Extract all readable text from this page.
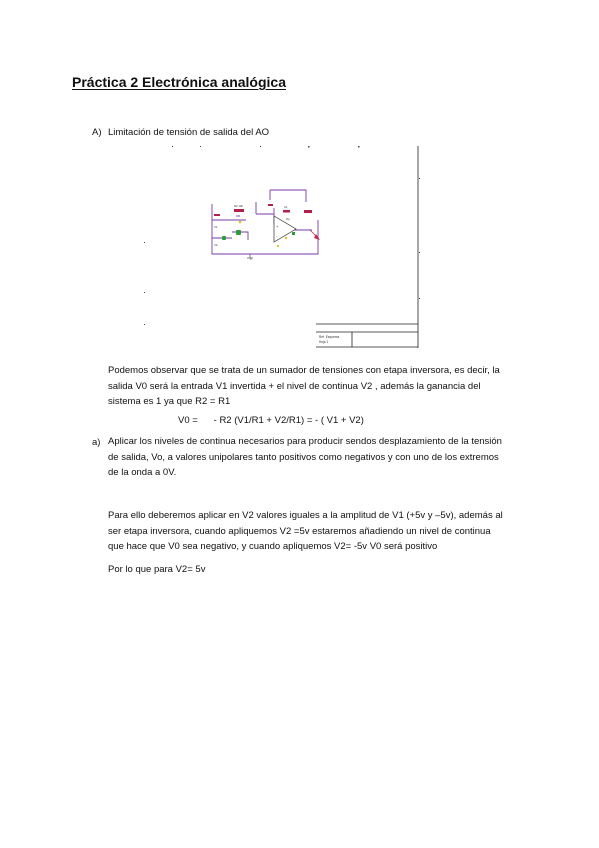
Práctica 2 Electrónica analógica
A) Limitación de tensión de salida del AO
+
-
R2 10k	U1
Op
V1
V2
0
Ref. Esquema
Hoja 1

Podemos observar que se trata de un sumador de tensiones con etapa inversora, es decir, la
salida V0 será la entrada V1 invertida + el nivel de continua V2 , además la ganancia del
sistema es 1 ya que R2 = R1

V0 =      - R2 (V1/R1 + V2/R1) = - ( V1 + V2)

a) Aplicar los niveles de continua necesarios para producir sendos desplazamiento de la tensión
de salida, Vo, a valores unipolares tanto positivos como negativos y con uno de los extremos
de la onda a 0V.

Para ello deberemos aplicar en V2 valores iguales a la amplitud de V1 (+5v y –5v), además al
ser etapa inversora, cuando apliquemos V2 =5v estaremos añadiendo un nivel de continua
que hace que V0 sea negativo, y cuando apliquemos V2= -5v V0 será positivo

Por lo que para V2= 5v
